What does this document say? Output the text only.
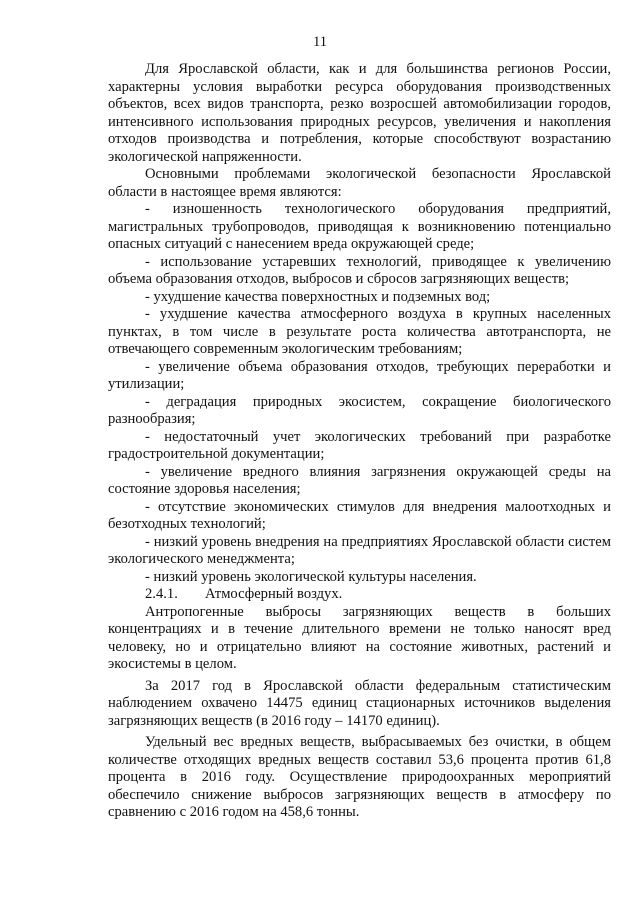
11

Для Ярославской области, как и для большинства регионов России, характерны условия выработки ресурса оборудования производственных объектов, всех видов транспорта, резко возросшей автомобилизации городов, интенсивного использования природных ресурсов, увеличения и накопления отходов производства и потребления, которые способствуют возрастанию экологической напряженности.

Основными проблемами экологической безопасности Ярославской области в настоящее время являются:

- изношенность технологического оборудования предприятий, магистральных трубопроводов, приводящая к возникновению потенциально опасных ситуаций с нанесением вреда окружающей среде;

- использование устаревших технологий, приводящее к увеличению объема образования отходов, выбросов и сбросов загрязняющих веществ;

- ухудшение качества поверхностных и подземных вод;

- ухудшение качества атмосферного воздуха в крупных населенных пунктах, в том числе в результате роста количества автотранспорта, не отвечающего современным экологическим требованиям;

- увеличение объема образования отходов, требующих переработки и утилизации;

- деградация природных экосистем, сокращение биологического разнообразия;

- недостаточный учет экологических требований при разработке градостроительной документации;

- увеличение вредного влияния загрязнения окружающей среды на состояние здоровья населения;

- отсутствие экономических стимулов для внедрения малоотходных и безотходных технологий;

- низкий уровень внедрения на предприятиях Ярославской области систем экологического менеджмента;

- низкий уровень экологической культуры населения.

2.4.1. Атмосферный воздух.

Антропогенные выбросы загрязняющих веществ в больших концентрациях и в течение длительного времени не только наносят вред человеку, но и отрицательно влияют на состояние животных, растений и экосистемы в целом.

За 2017 год в Ярославской области федеральным статистическим наблюдением охвачено 14475 единиц стационарных источников выделения загрязняющих веществ (в 2016 году – 14170 единиц).

Удельный вес вредных веществ, выбрасываемых без очистки, в общем количестве отходящих вредных веществ составил 53,6 процента против 61,8 процента в 2016 году. Осуществление природоохранных мероприятий обеспечило снижение выбросов загрязняющих веществ в атмосферу по сравнению с 2016 годом на 458,6 тонны.
